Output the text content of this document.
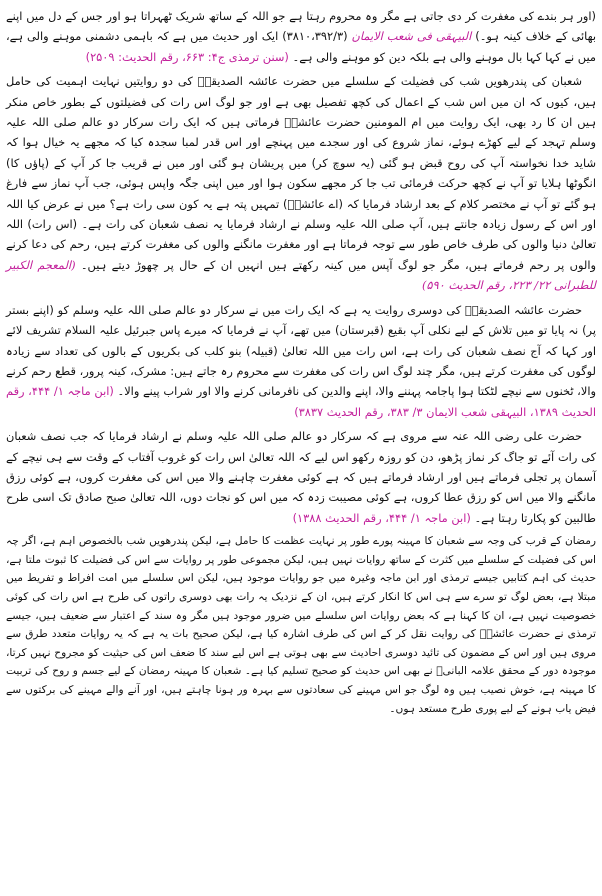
(اور ہر بندے کی مغفرت کر دی جاتی ہے مگر وہ محروم رہتا ہے جو اللہ کے ساتھ شریک ٹھہراتا ہو اور جس کے دل میں اپنے بھائی کے خلاف کینہ ہو۔) البیہقی فی شعب الایمان (۳۸۱۰،۳۹۲/۳) ایک اور حدیث میں ہے کہ باہمی دشمنی موہنے والی ہے، میں نے کہا کہا بال موہنے والی ہے بلکہ دین کو موہنے والی ہے۔ (سنن ترمذی ج۴: ۶۶۳، رقم الحدیث: ۲۵۰۹)

شعبان کی پندرھویں شب کی فضیلت کے سلسلے میں حضرت عائشہ الصدیقہؓ کی دو روایتیں نہایت اہمیت کی حامل ہیں، کیوں کہ ان میں اس شب کے اعمال کی کچھ تفصیل بھی ہے اور جو لوگ اس رات کی فضیلتوں کے بطور خاص منکر ہیں ان کا رد بھی، ایک روایت میں ام المومنین حضرت عائشہؓ فرماتی ہیں کہ ایک رات سرکار دو عالم صلی اللہ علیہ وسلم تہجد کے لیے کھڑے ہوئے، نماز شروع کی اور سجدے میں پہنچے اور اس قدر لمبا سجدہ کیا کہ مجھے یہ خیال ہوا کہ شاید خدا نخواستہ آپ کی روح قبض ہو گئی (یہ سوچ کر) میں پریشان ہو گئی اور میں نے قریب جا کر آپ کے (پاؤں کا) انگوٹھا ہلایا تو آپ نے کچھ حرکت فرمائی تب جا کر مجھے سکون ہوا اور میں اپنی جگہ واپس ہوئی، جب آپ نماز سے فارغ ہو گئے تو آپ نے مختصر کلام کے بعد ارشاد فرمایا کہ (اے عائشہؓ) تمہیں پتہ ہے یہ کون سی رات ہے؟ میں نے عرض کیا اللہ اور اس کے رسول زیادہ جانتے ہیں، آپ صلی اللہ علیہ وسلم نے ارشاد فرمایا یہ نصف شعبان کی رات ہے۔ (اس رات) اللہ تعالیٰ دنیا والوں کی طرف خاص طور سے توجہ فرماتا ہے اور مغفرت مانگنے والوں کی مغفرت کرتے ہیں، رحم کی دعا کرنے والوں پر رحم فرماتے ہیں، مگر جو لوگ آپس میں کینہ رکھتے ہیں انہیں ان کے حال پر چھوڑ دیتے ہیں۔ (المعجم الکبیر للطبرانی ۲۲/ ۲۲۳، رقم الحدیث ۵۹۰)

حضرت عائشہ الصدیقہؓ کی دوسری روایت یہ ہے کہ ایک رات میں نے سرکار دو عالم صلی اللہ علیہ وسلم کو (اپنے بستر پر) نہ پایا تو میں تلاش کے لیے نکلی آپ بقیع (قبرستان) میں تھے، آپ نے فرمایا کہ میرے پاس جبرئیل علیہ السلام تشریف لائے اور کہا کہ آج نصف شعبان کی رات ہے، اس رات میں اللہ تعالیٰ (قبیلہ) بنو کلب کی بکریوں کے بالوں کی تعداد سے زیادہ لوگوں کی مغفرت کرتے ہیں، مگر چند لوگ اس رات کی مغفرت سے محروم رہ جاتے ہیں: مشرک، کینہ پرور، قطع رحم کرنے والا، ٹخنوں سے نیچے لٹکتا ہوا پاجامہ پہننے والا، اپنے والدین کی نافرمانی کرنے والا اور شراب پینے والا۔ (ابن ماجہ ۱/ ۴۴۴، رقم الحدیث ۱۳۸۹، البیہقی شعب الایمان ۳/ ۳۸۳، رقم الحدیث ۳۸۳۷)

حضرت علی رضی اللہ عنہ سے مروی ہے کہ سرکار دو عالم صلی اللہ علیہ وسلم نے ارشاد فرمایا کہ جب نصف شعبان کی رات آئے تو جاگ کر نماز پڑھو، دن کو روزہ رکھو اس لیے کہ اللہ تعالیٰ اس رات کو غروب آفتاب کے وقت سے ہی نیچے کے آسمان پر تجلی فرماتے ہیں اور ارشاد فرماتے ہیں کہ ہے کوئی مغفرت چاہنے والا میں اس کی مغفرت کروں، ہے کوئی رزق مانگنے والا میں اس کو رزق عطا کروں، ہے کوئی مصیبت زدہ کہ میں اس کو نجات دوں، اللہ تعالیٰ صبح صادق تک اسی طرح طالبین کو پکارتا رہتا ہے۔ (ابن ماجہ ۱/ ۴۴۴، رقم الحدیث ۱۳۸۸)

رمضان کے قرب کی وجہ سے شعبان کا مہینہ پورے طور پر نہایت عظمت کا حامل ہے، لیکن پندرھویں شب بالخصوص اہم ہے، اگر چہ اس کی فضیلت کے سلسلے میں کثرت کے ساتھ روایات نہیں ہیں، لیکن مجموعی طور پر روایات سے اس کی فضیلت کا ثبوت ملتا ہے، حدیث کی اہم کتابیں جیسے ترمذی اور ابن ماجہ وغیرہ میں جو روایات موجود ہیں، لیکن اس سلسلے میں امت افراط و تفریط میں مبتلا ہے، بعض لوگ تو سرے سے ہی اس کا انکار کرتے ہیں، ان کے نزدیک یہ رات بھی دوسری راتوں کی طرح ہے اس رات کی کوئی خصوصیت نہیں ہے، ان کا کہنا ہے کہ بعض روایات اس سلسلے میں ضرور موجود ہیں مگر وہ سند کے اعتبار سے ضعیف ہیں، جیسے ترمذی نے حضرت عائشہؓ کی روایت نقل کر کے اس کی طرف اشارہ کیا ہے، لیکن صحیح بات یہ ہے کہ یہ روایات متعدد طرق سے مروی ہیں اور اس کے مضمون کی تائید دوسری احادیث سے بھی ہوتی ہے اس لیے سند کا ضعف اس کی حیثیت کو مجروح نہیں کرتا، موجودہ دور کے محقق علامہ البانیؒ نے بھی اس حدیث کو صحیح تسلیم کیا ہے۔ شعبان کا مہینہ رمضان کے لیے جسم و روح کی تربیت کا مہینہ ہے، خوش نصیب ہیں وہ لوگ جو اس مہینے کی سعادتوں سے بہرہ ور ہونا چاہتے ہیں، اور آنے والے مہینے کی برکتوں سے فیض یاب ہونے کے لیے پوری طرح مستعد ہوں۔
